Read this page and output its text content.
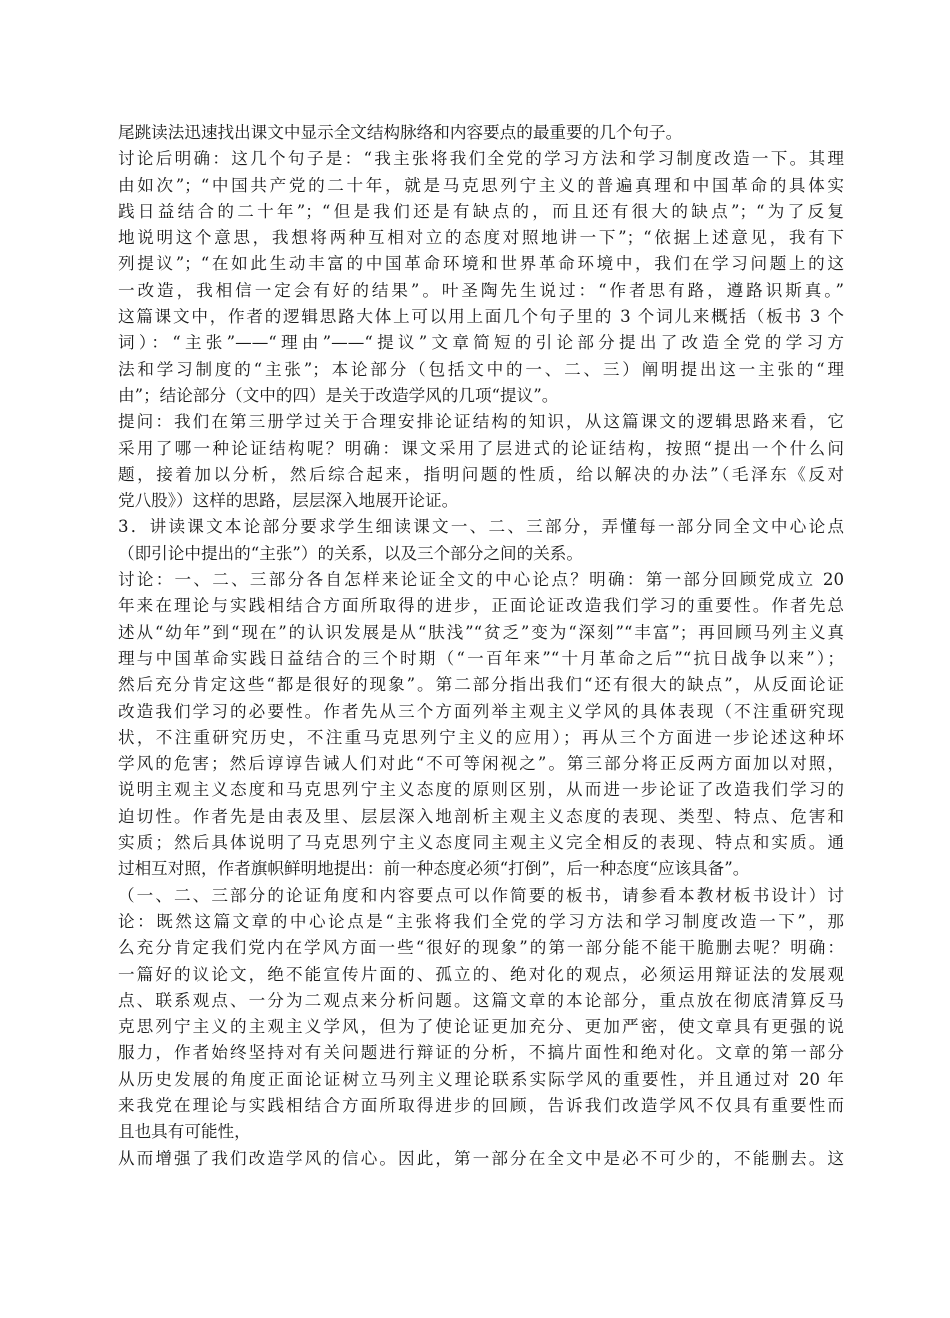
尾跳读法迅速找出课文中显示全文结构脉络和内容要点的最重要的几个句子。
讨论后明确：这几个句子是：“我主张将我们全党的学习方法和学习制度改造一下。其理
由如次”；“中国共产党的二十年，就是马克思列宁主义的普遍真理和中国革命的具体实
践日益结合的二十年”；“但是我们还是有缺点的，而且还有很大的缺点”；“为了反复
地说明这个意思，我想将两种互相对立的态度对照地讲一下”；“依据上述意见，我有下
列提议”；“在如此生动丰富的中国革命环境和世界革命环境中，我们在学习问题上的这
一改造，我相信一定会有好的结果”。叶圣陶先生说过：“作者思有路，遵路识斯真。”
这篇课文中，作者的逻辑思路大体上可以用上面几个句子里的 3 个词儿来概括（板书 3 个
词）：“主张”——“理由”——“提议”文章简短的引论部分提出了改造全党的学习方
法和学习制度的“主张”；本论部分（包括文中的一、二、三）阐明提出这一主张的“理
由”；结论部分（文中的四）是关于改造学风的几项“提议”。
提问：我们在第三册学过关于合理安排论证结构的知识，从这篇课文的逻辑思路来看，它
采用了哪一种论证结构呢？明确：课文采用了层进式的论证结构，按照“提出一个什么问
题，接着加以分析，然后综合起来，指明问题的性质，给以解决的办法”（毛泽东《反对
党八股》）这样的思路，层层深入地展开论证。
3．讲读课文本论部分要求学生细读课文一、二、三部分，弄懂每一部分同全文中心论点
（即引论中提出的“主张”）的关系，以及三个部分之间的关系。
讨论：一、二、三部分各自怎样来论证全文的中心论点？明确：第一部分回顾党成立 20
年来在理论与实践相结合方面所取得的进步，正面论证改造我们学习的重要性。作者先总
述从“幼年”到“现在”的认识发展是从“肤浅”“贫乏”变为“深刻”“丰富”；再回顾马列主义真
理与中国革命实践日益结合的三个时期（“一百年来”“十月革命之后”“抗日战争以来”）；
然后充分肯定这些“都是很好的现象”。第二部分指出我们“还有很大的缺点”，从反面论证
改造我们学习的必要性。作者先从三个方面列举主观主义学风的具体表现（不注重研究现
状，不注重研究历史，不注重马克思列宁主义的应用）；再从三个方面进一步论述这种坏
学风的危害；然后谆谆告诫人们对此“不可等闲视之”。第三部分将正反两方面加以对照，
说明主观主义态度和马克思列宁主义态度的原则区别，从而进一步论证了改造我们学习的
迫切性。作者先是由表及里、层层深入地剖析主观主义态度的表现、类型、特点、危害和
实质；然后具体说明了马克思列宁主义态度同主观主义完全相反的表现、特点和实质。通
过相互对照，作者旗帜鲜明地提出：前一种态度必须“打倒”，后一种态度“应该具备”。
（一、二、三部分的论证角度和内容要点可以作简要的板书，请参看本教材板书设计）讨
论：既然这篇文章的中心论点是“主张将我们全党的学习方法和学习制度改造一下”，那
么充分肯定我们党内在学风方面一些“很好的现象”的第一部分能不能干脆删去呢？明确：
一篇好的议论文，绝不能宣传片面的、孤立的、绝对化的观点，必须运用辩证法的发展观
点、联系观点、一分为二观点来分析问题。这篇文章的本论部分，重点放在彻底清算反马
克思列宁主义的主观主义学风，但为了使论证更加充分、更加严密，使文章具有更强的说
服力，作者始终坚持对有关问题进行辩证的分析，不搞片面性和绝对化。文章的第一部分
从历史发展的角度正面论证树立马列主义理论联系实际学风的重要性，并且通过对 20 年
来我党在理论与实践相结合方面所取得进步的回顾，告诉我们改造学风不仅具有重要性而
且也具有可能性，
从而增强了我们改造学风的信心。因此，第一部分在全文中是必不可少的，不能删去。这
